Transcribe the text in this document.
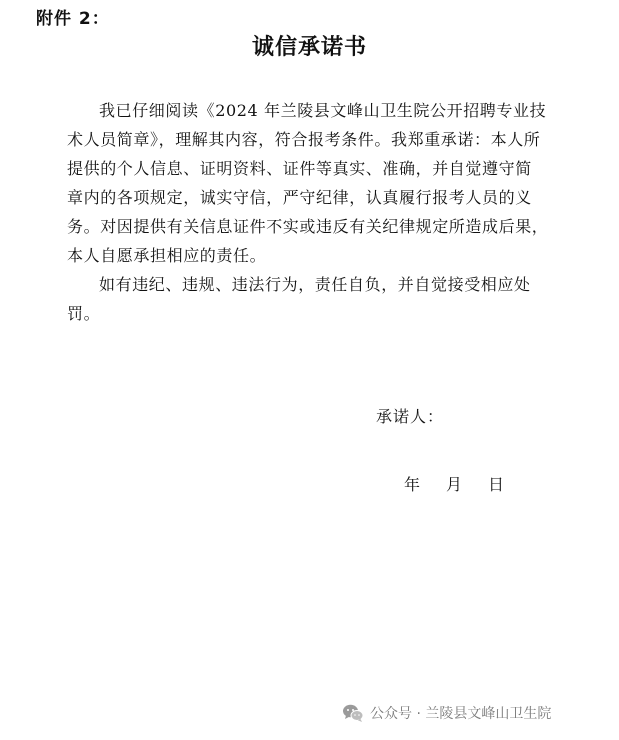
附件 2：
诚信承诺书
我已仔细阅读《2024 年兰陵县文峰山卫生院公开招聘专业技
术人员简章》，理解其内容，符合报考条件。我郑重承诺：本人所
提供的个人信息、证明资料、证件等真实、准确，并自觉遵守简
章内的各项规定，诚实守信，严守纪律，认真履行报考人员的义
务。对因提供有关信息证件不实或违反有关纪律规定所造成后果，
本人自愿承担相应的责任。
如有违纪、违规、违法行为，责任自负，并自觉接受相应处
罚。
承诺人：
年 月 日
公众号 · 兰陵县文峰山卫生院
